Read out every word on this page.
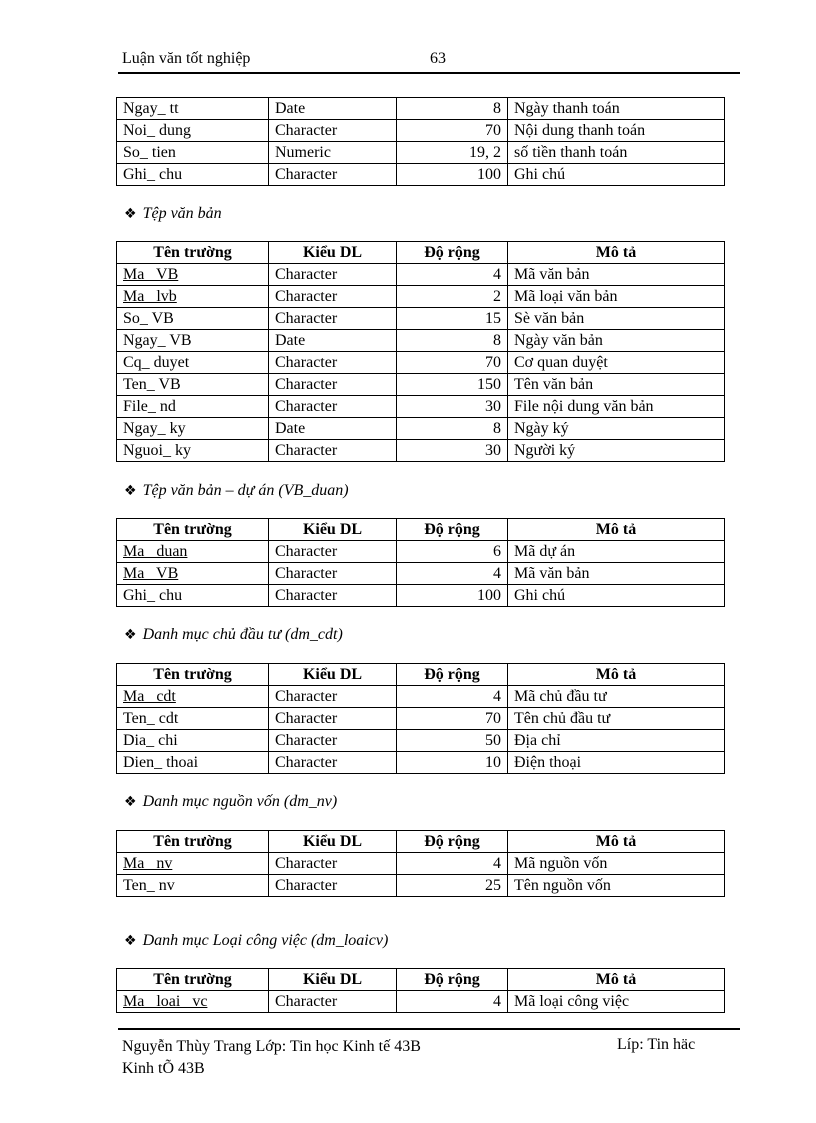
Luận văn tốt nghiệp	63
Ngay_ tt	Date	8	Ngày thanh toán
Noi_ dung	Character	70	Nội dung thanh toán
So_ tien	Numeric	19, 2	số tiền thanh toán
Ghi_ chu	Character	100	Ghi chú
❖ Tệp văn bản
Tên trường	Kiểu DL	Độ rộng	Mô tả
Ma_ VB	Character	4	Mã văn bản
Ma_ lvb	Character	2	Mã loại văn bản
So_ VB	Character	15	Sè văn bản
Ngay_ VB	Date	8	Ngày văn bản
Cq_ duyet	Character	70	Cơ quan duyệt
Ten_ VB	Character	150	Tên văn bản
File_ nd	Character	30	File nội dung văn bản
Ngay_ ky	Date	8	Ngày ký
Nguoi_ ky	Character	30	Người ký
❖ Tệp văn bản – dự án (VB_duan)
Tên trường	Kiểu DL	Độ rộng	Mô tả
Ma_ duan	Character	6	Mã dự án
Ma_ VB	Character	4	Mã văn bản
Ghi_ chu	Character	100	Ghi chú
❖ Danh mục chủ đầu tư (dm_cdt)
Tên trường	Kiểu DL	Độ rộng	Mô tả
Ma_ cdt	Character	4	Mã chủ đầu tư
Ten_ cdt	Character	70	Tên chủ đầu tư
Dia_ chi	Character	50	Địa chỉ
Dien_ thoai	Character	10	Điện thoại
❖ Danh mục nguồn vốn (dm_nv)
Tên trường	Kiểu DL	Độ rộng	Mô tả
Ma_ nv	Character	4	Mã nguồn vốn
Ten_ nv	Character	25	Tên nguồn vốn
❖ Danh mục Loại công việc (dm_loaicv)
Tên trường	Kiểu DL	Độ rộng	Mô tả
Ma_ loai_ vc	Character	4	Mã loại công việc
Nguyễn Thùy Trang Lớp: Tin học Kinh tế 43B
Kinh tÕ 43B
Líp: Tin häc
